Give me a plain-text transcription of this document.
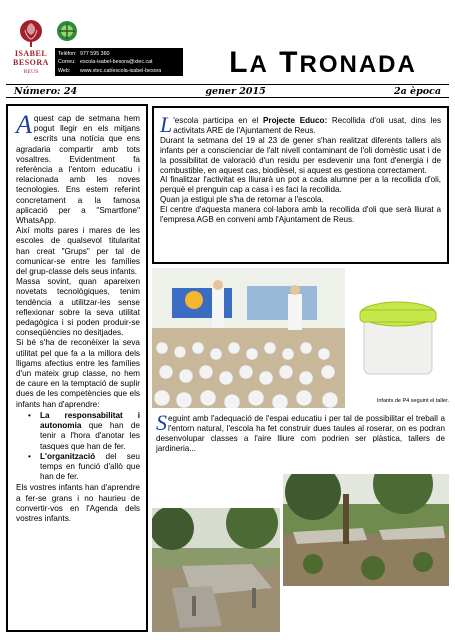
ISABEL
BESORA
REUS
Telèfon: 977 595 360
Correu: escola-isabel-besora@xtec.cat
Web:	www.xtec.cat/escola-isabel-besora	LA TRONADA
Número: 24	gener 2015	2a època

A quest cap de setmana hem pogut llegir en els mitjans escrits una notícia que ens agradaria compartir amb tots vosaltres. Evidentment fa referència a l'entorn educatiu i relacionada amb les noves tecnologies. Ens estem referint concretament a la famosa aplicació per a "Smartfone" WhatsApp.

Així molts pares i mares de les escoles de qualsevol titularitat han creat "Grups" per tal de comunicar-se entre les famílies del grup-classe dels seus infants.

Massa sovint, quan apareixen novetats tecnològiques, tenim tendència a utilitzar-les sense reflexionar sobre la seva utilitat pedagògica i si poden produir-se conseqüències no desitjades.

Si bé s'ha de reconèixer la seva utilitat pel que fa a la millora dels lligams afectius entre les famílies d'un mateix grup classe, no hem de caure en la temptació de suplir dues de les competències que els infants han d'aprendre:

• La responsabilitat i autonomia que han de tenir a l'hora d'anotar les tasques que han de fer.
• L'organització del seu temps en funció d'allò que han de fer.

Els vostres infants han d'aprendre a fer-se grans i no haurieu de convertir-vos en l'Agenda dels vostres infants.

L 'escola participa en el Projecte Educo: Recollida d'oli usat, dins les activitats ARE de l'Ajuntament de Reus.

Durant la setmana del 19 al 23 de gener s'han realitzat diferents tallers als infants per a conscienciar de l'alt nivell contaminant de l'oli domèstic usat i de la possibilitat de valoració d'un residu per esdevenir una font d'energia i de combustible, en aquest cas, biodièsel, si aquest es gestiona correctament.

Al finalitzar l'activitat es lliurarà un pot a cada alumne per a la recollida d'oli, perquè el prenguin cap a casa i es faci la recollida.

Quan ja estigui ple s'ha de retornar a l'escola.

El centre d'aquesta manera col·labora amb la recollida d'oli que serà lliurat a l'empresa AGB en conveni amb l'Ajuntament de Reus.

Infants de P4 seguint el taller.

Seguint amb l'adequació de l'espai educatiu i per tal de possibilitar el treball a l'entorn natural, l'escola ha fet construir dues taules al roserar, on es podran desenvolupar classes a l'aire lliure com podrien ser plàstica, tallers de jardineria...
